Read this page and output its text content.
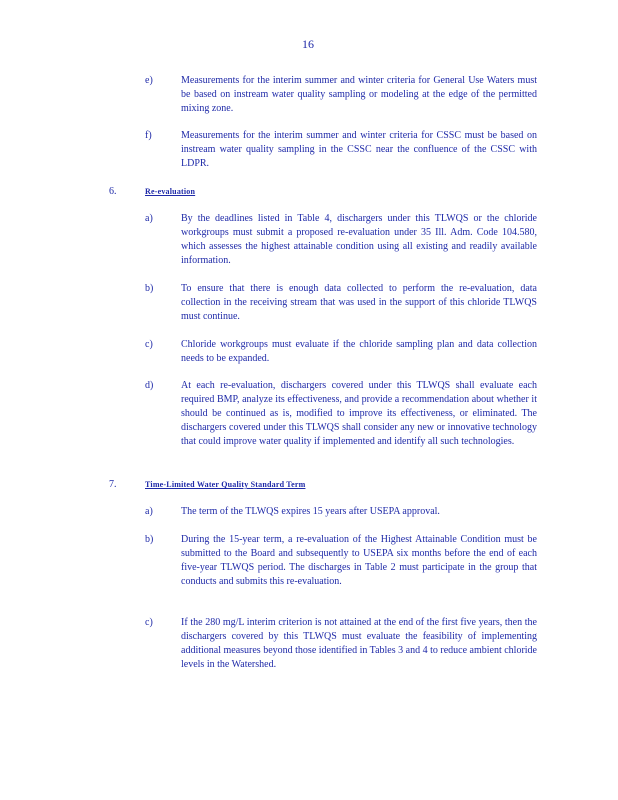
16
e)	Measurements for the interim summer and winter criteria for General Use Waters must be based on instream water quality sampling or modeling at the edge of the permitted mixing zone.
f)	Measurements for the interim summer and winter criteria for CSSC must be based on instream water quality sampling in the CSSC near the confluence of the CSSC with LDPR.
6.	Re-evaluation
a)	By the deadlines listed in Table 4, dischargers under this TLWQS or the chloride workgroups must submit a proposed re-evaluation under 35 Ill. Adm. Code 104.580, which assesses the highest attainable condition using all existing and readily available information.
b)	To ensure that there is enough data collected to perform the re-evaluation, data collection in the receiving stream that was used in the support of this chloride TLWQS must continue.
c)	Chloride workgroups must evaluate if the chloride sampling plan and data collection needs to be expanded.
d)	At each re-evaluation, dischargers covered under this TLWQS shall evaluate each required BMP, analyze its effectiveness, and provide a recommendation about whether it should be continued as is, modified to improve its effectiveness, or eliminated. The dischargers covered under this TLWQS shall consider any new or innovative technology that could improve water quality if implemented and identify all such technologies.
7.	Time-Limited Water Quality Standard Term
a)	The term of the TLWQS expires 15 years after USEPA approval.
b)	During the 15-year term, a re-evaluation of the Highest Attainable Condition must be submitted to the Board and subsequently to USEPA six months before the end of each five-year TLWQS period. The discharges in Table 2 must participate in the group that conducts and submits this re-evaluation.
c)	If the 280 mg/L interim criterion is not attained at the end of the first five years, then the dischargers covered by this TLWQS must evaluate the feasibility of implementing additional measures beyond those identified in Tables 3 and 4 to reduce ambient chloride levels in the Watershed.
